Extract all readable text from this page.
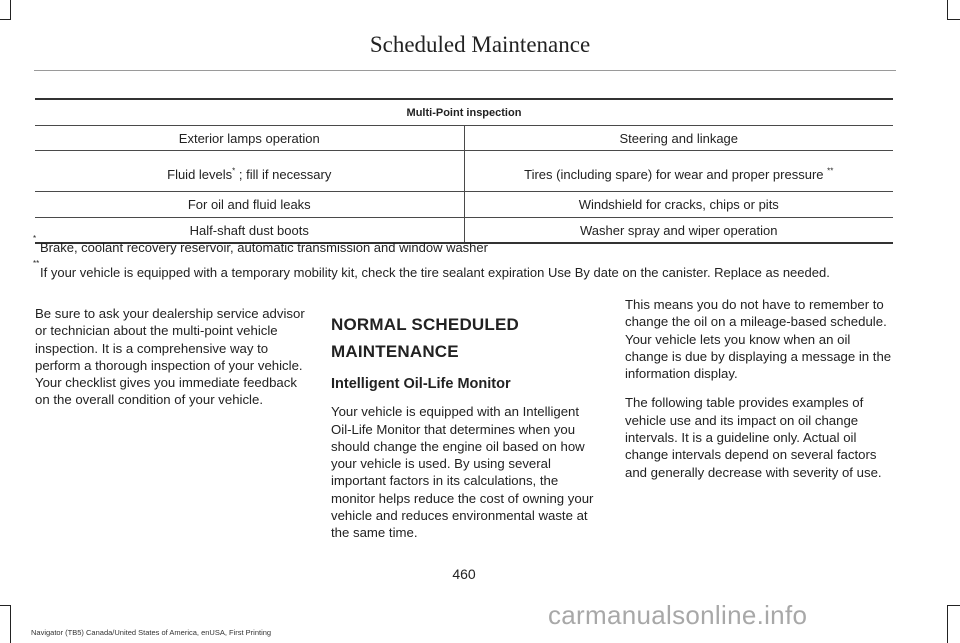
Scheduled Maintenance
Multi-Point inspection	
Exterior lamps operation	Steering and linkage
Fluid levels* ; fill if necessary	Tires (including spare) for wear and proper pressure **
For oil and fluid leaks	Windshield for cracks, chips or pits
Half-shaft dust boots	Washer spray and wiper operation
*
Brake, coolant recovery reservoir, automatic transmission and window washer
**
If your vehicle is equipped with a temporary mobility kit, check the tire sealant expiration Use By date on the canister. Replace as needed.

Be sure to ask your dealership service advisor or technician about the multi-point vehicle inspection. It is a comprehensive way to perform a thorough inspection of your vehicle. Your checklist gives you immediate feedback on the overall condition of your vehicle.

NORMAL SCHEDULED
MAINTENANCE
Intelligent Oil-Life Monitor

Your vehicle is equipped with an Intelligent Oil-Life Monitor that determines when you should change the engine oil based on how your vehicle is used. By using several important factors in its calculations, the monitor helps reduce the cost of owning your vehicle and reduces environmental waste at the same time.

This means you do not have to remember to change the oil on a mileage-based schedule. Your vehicle lets you know when an oil change is due by displaying a message in the information display.

The following table provides examples of vehicle use and its impact on oil change intervals. It is a guideline only. Actual oil change intervals depend on several factors and generally decrease with severity of use.

460
Navigator (TB5) Canada/United States of America, enUSA, First Printing
carmanualsonline.info
